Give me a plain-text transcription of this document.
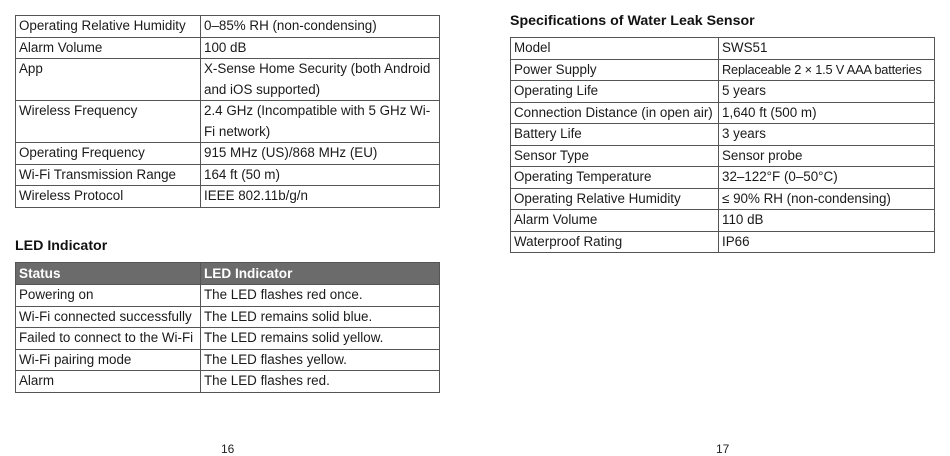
Operating Relative Humidity	0–85% RH (non-condensing)
Alarm Volume	100 dB
App	X-Sense Home Security (both Android and iOS supported)
Wireless Frequency	2.4 GHz (Incompatible with 5 GHz Wi-Fi network)
Operating Frequency	915 MHz (US)/868 MHz (EU)
Wi-Fi Transmission Range	164 ft (50 m)
Wireless Protocol	IEEE 802.11b/g/n
LED Indicator
Status	LED Indicator
Powering on	The LED flashes red once.
Wi-Fi connected successfully	The LED remains solid blue.
Failed to connect to the Wi-Fi	The LED remains solid yellow.
Wi-Fi pairing mode	The LED flashes yellow.
Alarm	The LED flashes red.
16
Specifications of Water Leak Sensor
Model	SWS51
Power Supply	Replaceable 2 × 1.5 V AAA batteries
Operating Life	5 years
Connection Distance (in open air)	1,640 ft (500 m)
Battery Life	3 years
Sensor Type	Sensor probe
Operating Temperature	32–122°F (0–50°C)
Operating Relative Humidity	≤ 90% RH (non-condensing)
Alarm Volume	110 dB
Waterproof Rating	IP66
17
